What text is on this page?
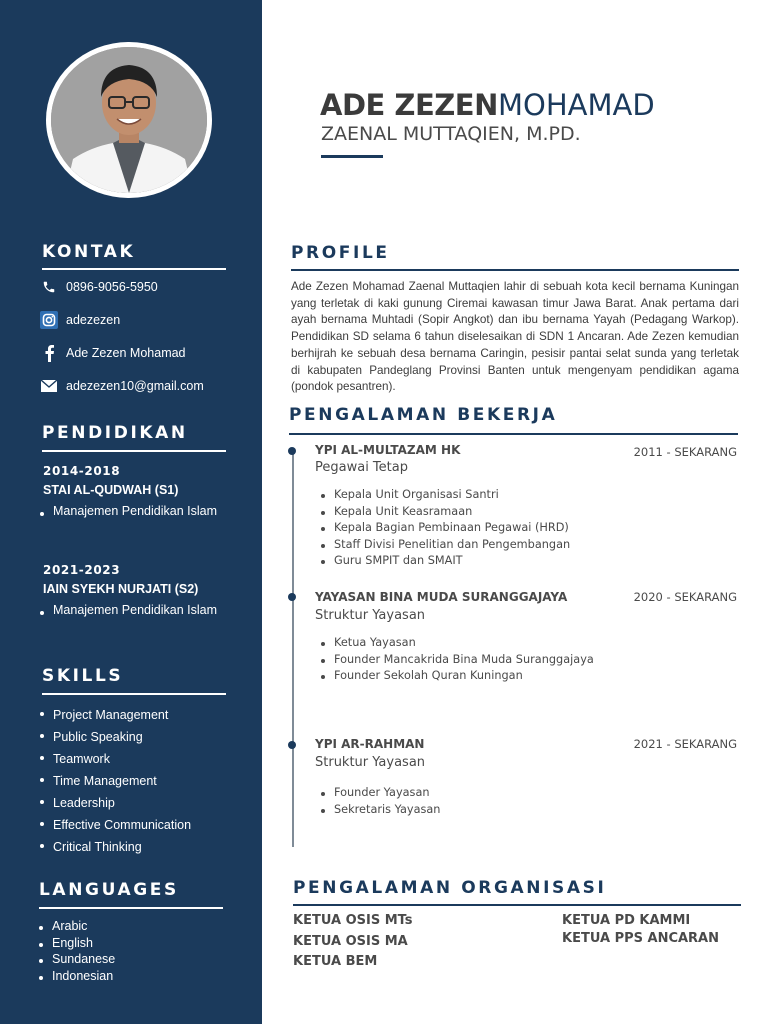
KONTAK
0896-9056-5950
adezezen
Ade Zezen Mohamad
adezezen10@gmail.com
PENDIDIKAN
2014-2018
STAI AL-QUDWAH (S1)
Manajemen Pendidikan Islam
2021-2023
IAIN SYEKH NURJATI (S2)
Manajemen Pendidikan Islam
SKILLS
Project Management
Public Speaking
Teamwork
Time Management
Leadership
Effective Communication
Critical Thinking
LANGUAGES
Arabic
English
Sundanese
Indonesian
ADE ZEZEN MOHAMAD
ZAENAL MUTTAQIEN, M.PD.
PROFILE
Ade Zezen Mohamad Zaenal Muttaqien lahir di sebuah kota kecil bernama Kuningan yang terletak di kaki gunung Ciremai kawasan timur Jawa Barat. Anak pertama dari ayah bernama Muhtadi (Sopir Angkot) dan ibu bernama Yayah (Pedagang Warkop). Pendidikan SD selama 6 tahun diselesaikan di SDN 1 Ancaran. Ade Zezen kemudian berhijrah ke sebuah desa bernama Caringin, pesisir pantai selat sunda yang terletak di kabupaten Pandeglang Provinsi Banten untuk mengenyam pendidikan agama (pondok pesantren).
PENGALAMAN BEKERJA
YPI AL-MULTAZAM HK	2011 - SEKARANG
Pegawai Tetap
Kepala Unit Organisasi Santri
Kepala Unit Keasramaan
Kepala Bagian Pembinaan Pegawai (HRD)
Staff Divisi Penelitian dan Pengembangan
Guru SMPIT dan SMAIT
YAYASAN BINA MUDA SURANGGAJAYA	2020 - SEKARANG
Struktur Yayasan
Ketua Yayasan
Founder Mancakrida Bina Muda Suranggajaya
Founder Sekolah Quran Kuningan
YPI AR-RAHMAN	2021 - SEKARANG
Struktur Yayasan
Founder Yayasan
Sekretaris Yayasan
PENGALAMAN ORGANISASI
KETUA OSIS MTs
KETUA OSIS MA
KETUA BEM
KETUA PD KAMMI
KETUA PPS ANCARAN
